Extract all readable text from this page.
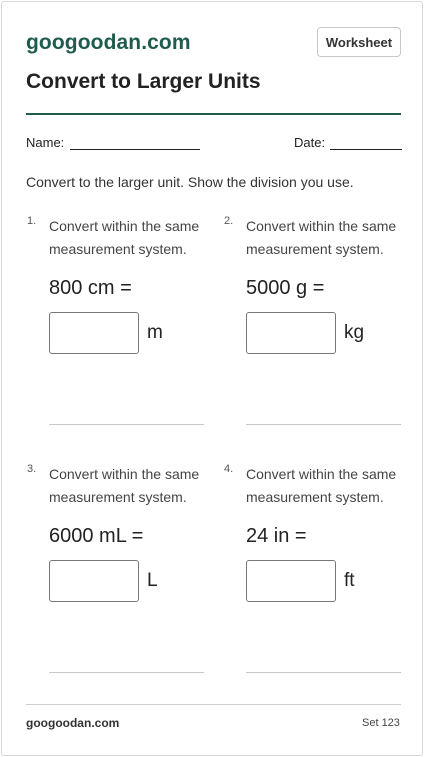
googoodan.com	Worksheet
Convert to Larger Units
Name:	Date:
Convert to the larger unit. Show the division you use.
1. Convert within the same measurement system.
800 cm =
m
2. Convert within the same measurement system.
5000 g =
kg
3. Convert within the same measurement system.
6000 mL =
L
4. Convert within the same measurement system.
24 in =
ft
googoodan.com	Set 123
